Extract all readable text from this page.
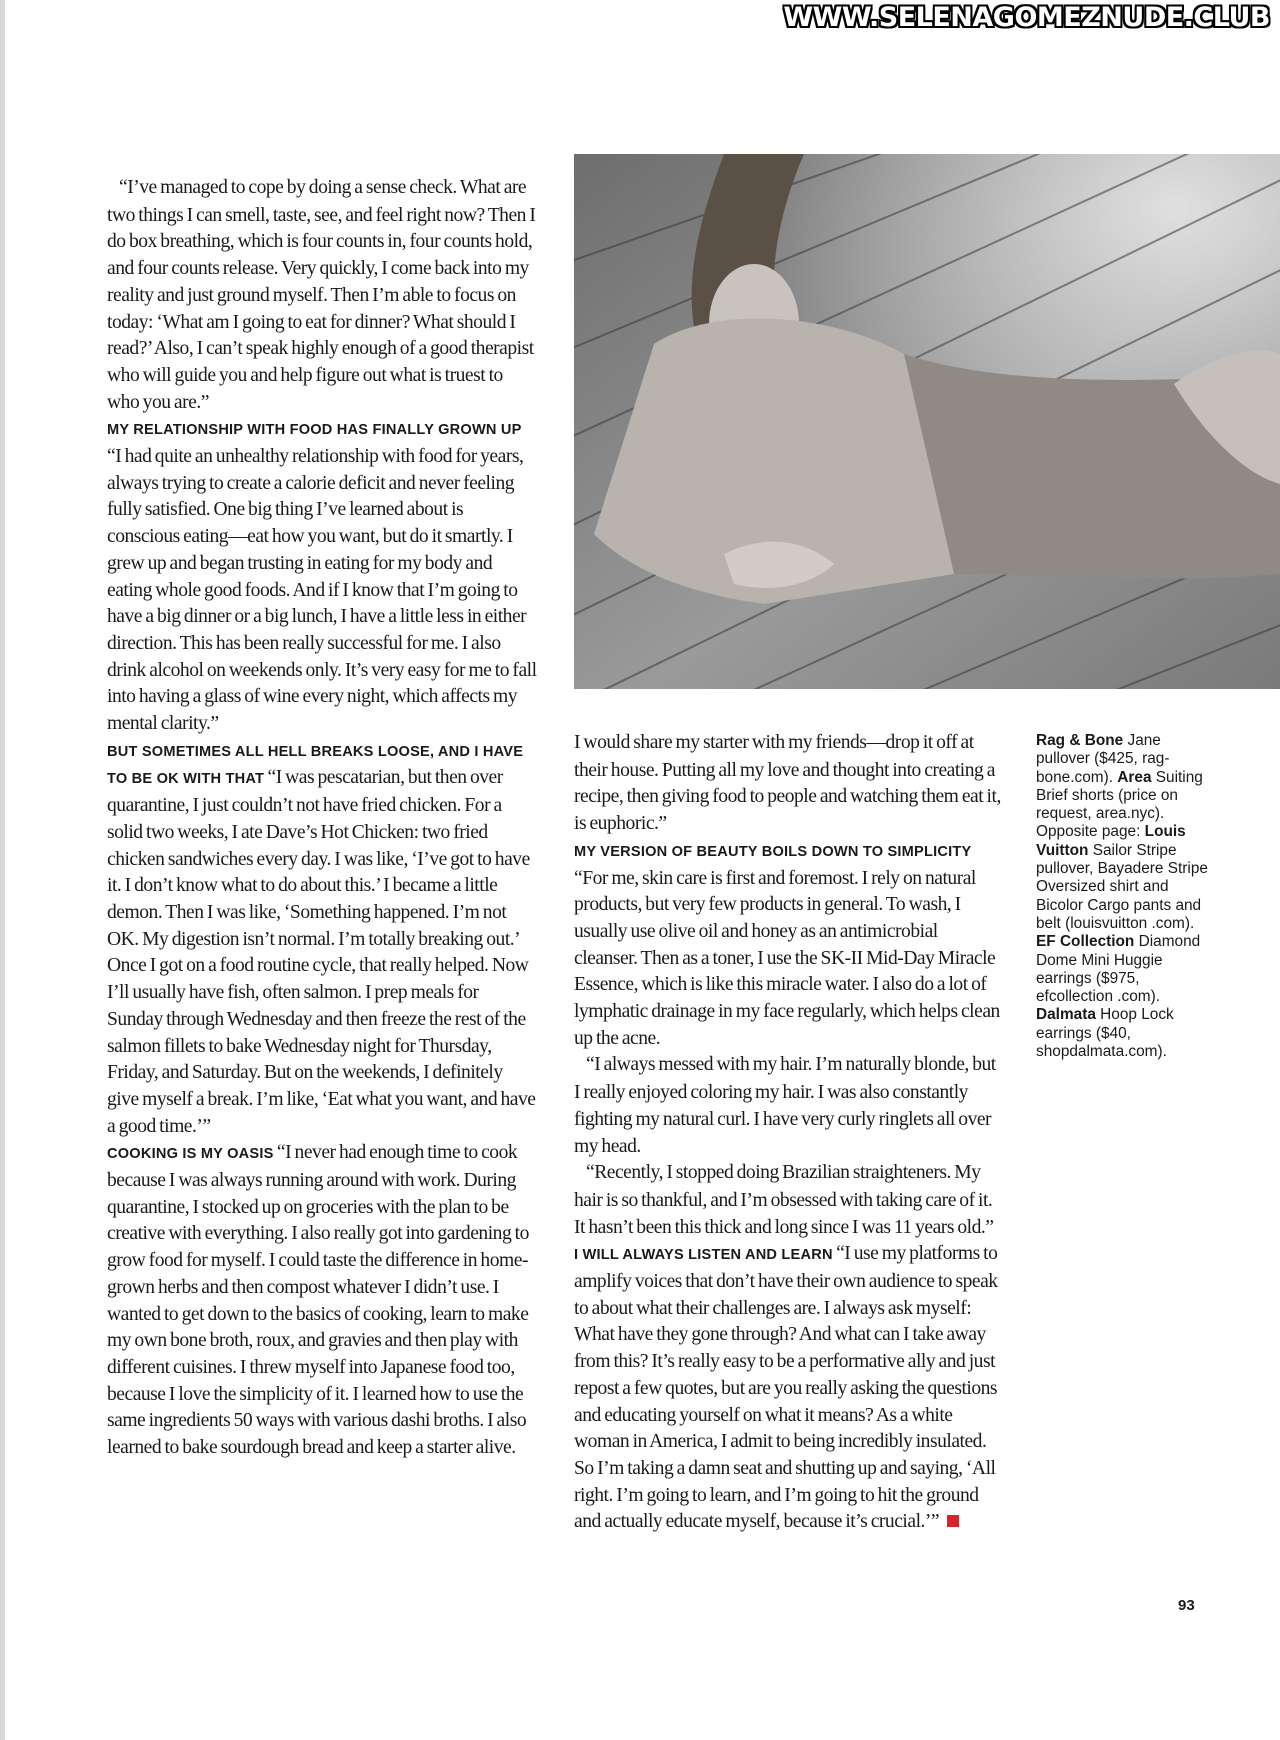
WWW.SELENAGOMEZNUDE.CLUB

“I’ve managed to cope by doing a sense check. What are two things I can smell, taste, see, and feel right now? Then I do box breathing, which is four counts in, four counts hold, and four counts release. Very quickly, I come back into my reality and just ground myself. Then I’m able to focus on today: ‘What am I going to eat for dinner? What should I read?’ Also, I can’t speak highly enough of a good therapist who will guide you and help figure out what is truest to who you are.”

MY RELATIONSHIP WITH FOOD HAS FINALLY GROWN UP “I had quite an unhealthy relationship with food for years, always trying to create a calorie deficit and never feeling fully satisfied. One big thing I’ve learned about is conscious eating—eat how you want, but do it smartly. I grew up and began trusting in eating for my body and eating whole good foods. And if I know that I’m going to have a big dinner or a big lunch, I have a little less in either direction. This has been really successful for me. I also drink alcohol on weekends only. It’s very easy for me to fall into having a glass of wine every night, which affects my mental clarity.”

BUT SOMETIMES ALL HELL BREAKS LOOSE, AND I HAVE TO BE OK WITH THAT “I was pescatarian, but then over quarantine, I just couldn’t not have fried chicken. For a solid two weeks, I ate Dave’s Hot Chicken: two fried chicken sandwiches every day. I was like, ‘I’ve got to have it. I don’t know what to do about this.’ I became a little demon. Then I was like, ‘Something happened. I’m not OK. My digestion isn’t normal. I’m totally breaking out.’ Once I got on a food routine cycle, that really helped. Now I’ll usually have fish, often salmon. I prep meals for Sunday through Wednesday and then freeze the rest of the salmon fillets to bake Wednesday night for Thursday, Friday, and Saturday. But on the weekends, I definitely give myself a break. I’m like, ‘Eat what you want, and have a good time.’”

COOKING IS MY OASIS “I never had enough time to cook because I was always running around with work. During quarantine, I stocked up on groceries with the plan to be creative with everything. I also really got into gardening to grow food for myself. I could taste the difference in home-grown herbs and then compost whatever I didn’t use. I wanted to get down to the basics of cooking, learn to make my own bone broth, roux, and gravies and then play with different cuisines. I threw myself into Japanese food too, because I love the simplicity of it. I learned how to use the same ingredients 50 ways with various dashi broths. I also learned to bake sourdough bread and keep a starter alive.

I would share my starter with my friends—drop it off at their house. Putting all my love and thought into creating a recipe, then giving food to people and watching them eat it, is euphoric.”

MY VERSION OF BEAUTY BOILS DOWN TO SIMPLICITY “For me, skin care is first and foremost. I rely on natural products, but very few products in general. To wash, I usually use olive oil and honey as an antimicrobial cleanser. Then as a toner, I use the SK-II Mid-Day Miracle Essence, which is like this miracle water. I also do a lot of lymphatic drainage in my face regularly, which helps clean up the acne.

“I always messed with my hair. I’m naturally blonde, but I really enjoyed coloring my hair. I was also constantly fighting my natural curl. I have very curly ringlets all over my head.

“Recently, I stopped doing Brazilian straighteners. My hair is so thankful, and I’m obsessed with taking care of it. It hasn’t been this thick and long since I was 11 years old.”

I WILL ALWAYS LISTEN AND LEARN “I use my platforms to amplify voices that don’t have their own audience to speak to about what their challenges are. I always ask myself: What have they gone through? And what can I take away from this? It’s really easy to be a performative ally and just repost a few quotes, but are you really asking the questions and educating yourself on what it means? As a white woman in America, I admit to being incredibly insulated. So I’m taking a damn seat and shutting up and saying, ‘All right. I’m going to learn, and I’m going to hit the ground and actually educate myself, because it’s crucial.’”

Rag & Bone Jane pullover ($425, rag-bone.com). Area Suiting Brief shorts (price on request, area.nyc). Opposite page: Louis Vuitton Sailor Stripe pullover, Bayadere Stripe Oversized shirt and Bicolor Cargo pants and belt (louisvuitton .com). EF Collection Diamond Dome Mini Huggie earrings ($975, efcollection .com). Dalmata Hoop Lock earrings ($40, shopdalmata.com).
93
